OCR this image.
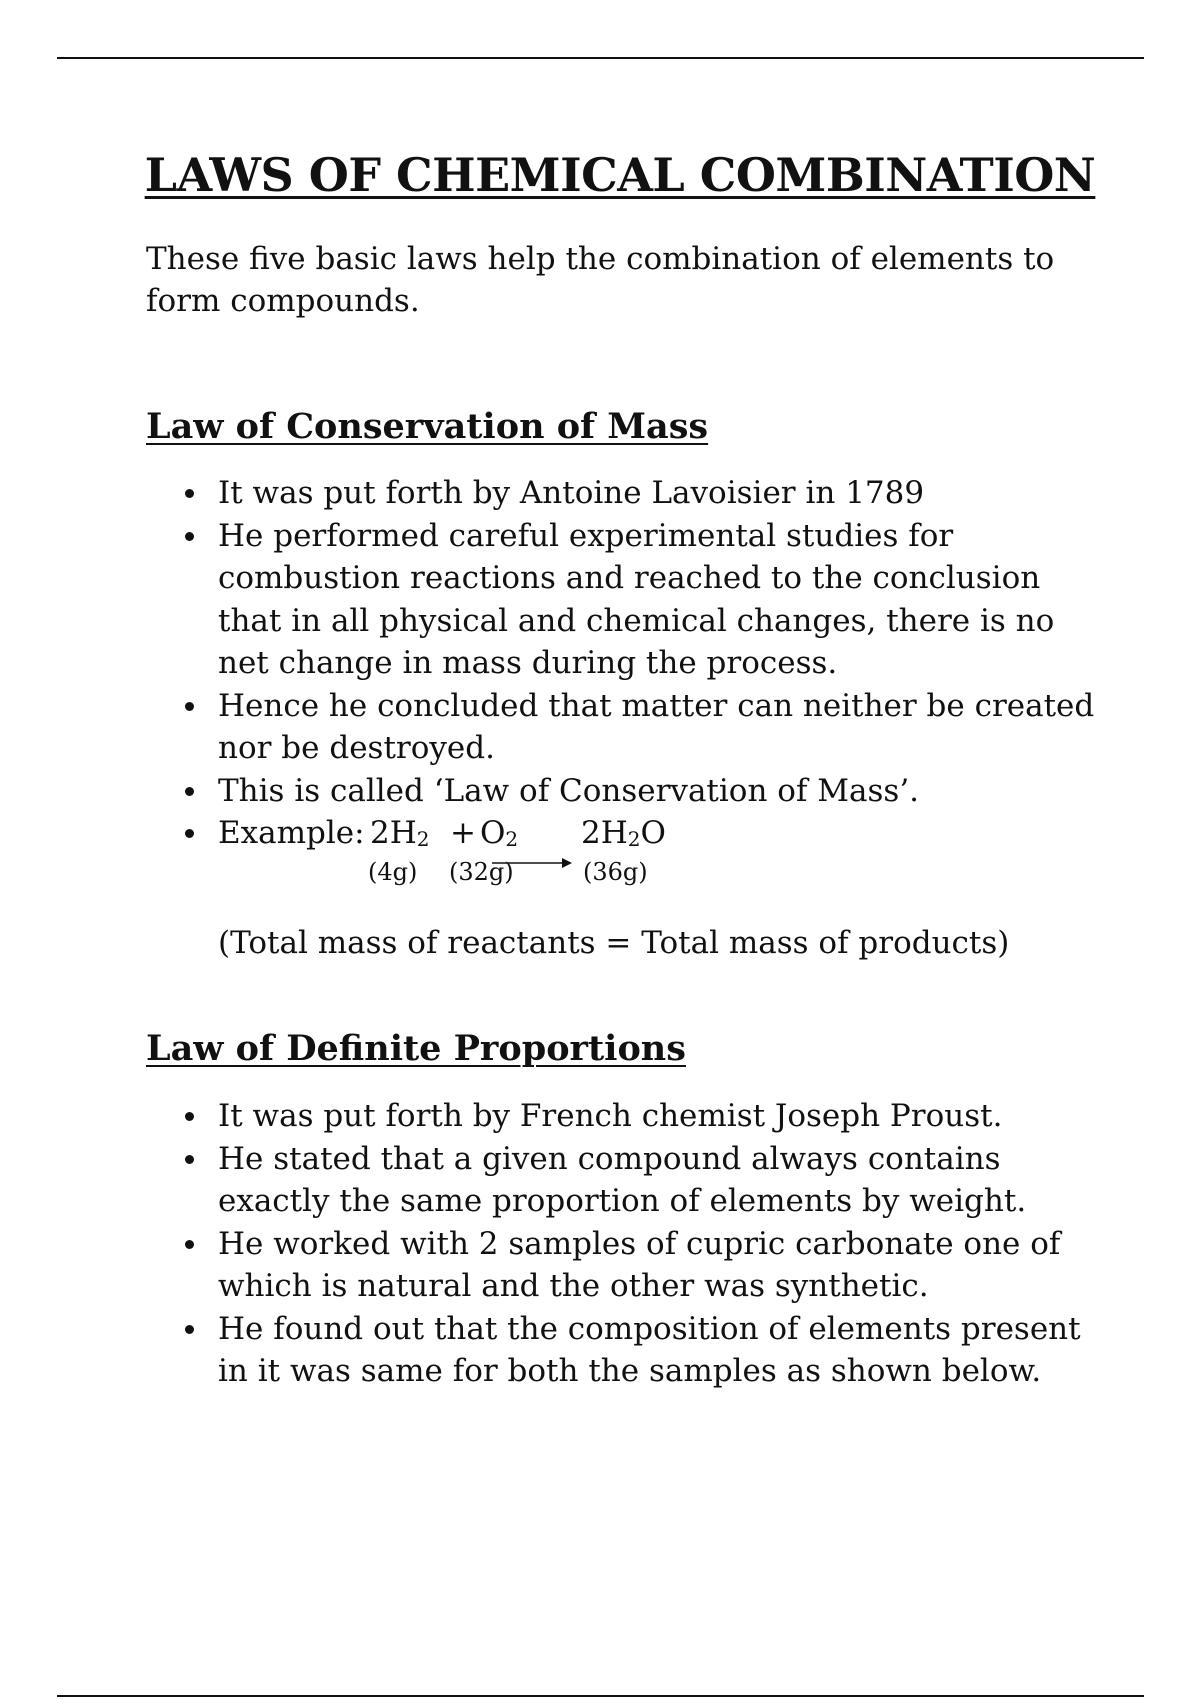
LAWS OF CHEMICAL COMBINATION

These five basic laws help the combination of elements to form compounds.

Law of Conservation of Mass
It was put forth by Antoine Lavoisier in 1789
He performed careful experimental studies for combustion reactions and reached to the conclusion that in all physical and chemical changes, there is no net change in mass during the process.
Hence he concluded that matter can neither be created nor be destroyed.
This is called ‘Law of Conservation of Mass’.
Example: $2H_2 + O_2$ $2H_2O$
(4g) (32g)	(36g)

(Total mass of reactants = Total mass of products)

Law of Definite Proportions
It was put forth by French chemist Joseph Proust.
He stated that a given compound always contains exactly the same proportion of elements by weight.
He worked with 2 samples of cupric carbonate one of which is natural and the other was synthetic.
He found out that the composition of elements present in it was same for both the samples as shown below.
